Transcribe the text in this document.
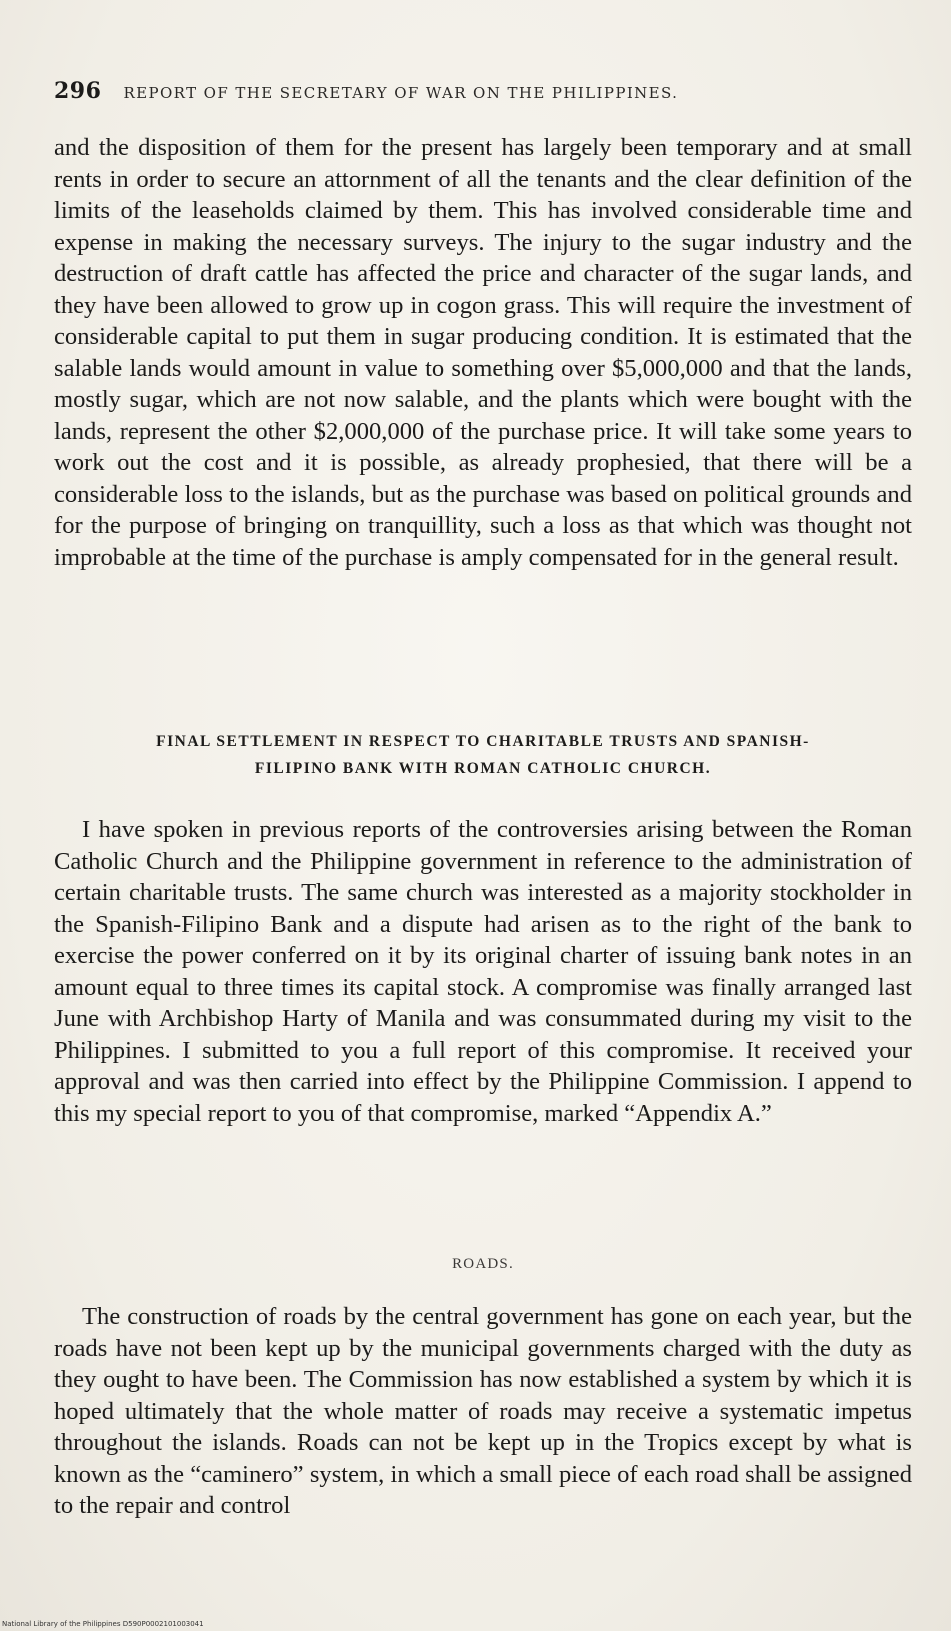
296 REPORT OF THE SECRETARY OF WAR ON THE PHILIPPINES.

and the disposition of them for the present has largely been temporary and at small rents in order to secure an attornment of all the tenants and the clear definition of the limits of the leaseholds claimed by them. This has involved considerable time and expense in making the necessary surveys. The injury to the sugar industry and the destruction of draft cattle has affected the price and character of the sugar lands, and they have been allowed to grow up in cogon grass. This will require the investment of considerable capital to put them in sugar producing condition. It is estimated that the salable lands would amount in value to something over $5,000,000 and that the lands, mostly sugar, which are not now salable, and the plants which were bought with the lands, represent the other $2,000,000 of the purchase price. It will take some years to work out the cost and it is possible, as already prophesied, that there will be a considerable loss to the islands, but as the purchase was based on political grounds and for the purpose of bringing on tranquillity, such a loss as that which was thought not improbable at the time of the purchase is amply compensated for in the general result.

FINAL SETTLEMENT IN RESPECT TO CHARITABLE TRUSTS AND SPANISH-
FILIPINO BANK WITH ROMAN CATHOLIC CHURCH.

I have spoken in previous reports of the controversies arising between the Roman Catholic Church and the Philippine government in reference to the administration of certain charitable trusts. The same church was interested as a majority stockholder in the Spanish-Filipino Bank and a dispute had arisen as to the right of the bank to exercise the power conferred on it by its original charter of issuing bank notes in an amount equal to three times its capital stock. A compromise was finally arranged last June with Archbishop Harty of Manila and was consummated during my visit to the Philippines. I submitted to you a full report of this compromise. It received your approval and was then carried into effect by the Philippine Commission. I append to this my special report to you of that compromise, marked “Appendix A.”

ROADS.

The construction of roads by the central government has gone on each year, but the roads have not been kept up by the municipal governments charged with the duty as they ought to have been. The Commission has now established a system by which it is hoped ultimately that the whole matter of roads may receive a systematic impetus throughout the islands. Roads can not be kept up in the Tropics except by what is known as the “caminero” system, in which a small piece of each road shall be assigned to the repair and control

National Library of the Philippines D590P0002101003041
